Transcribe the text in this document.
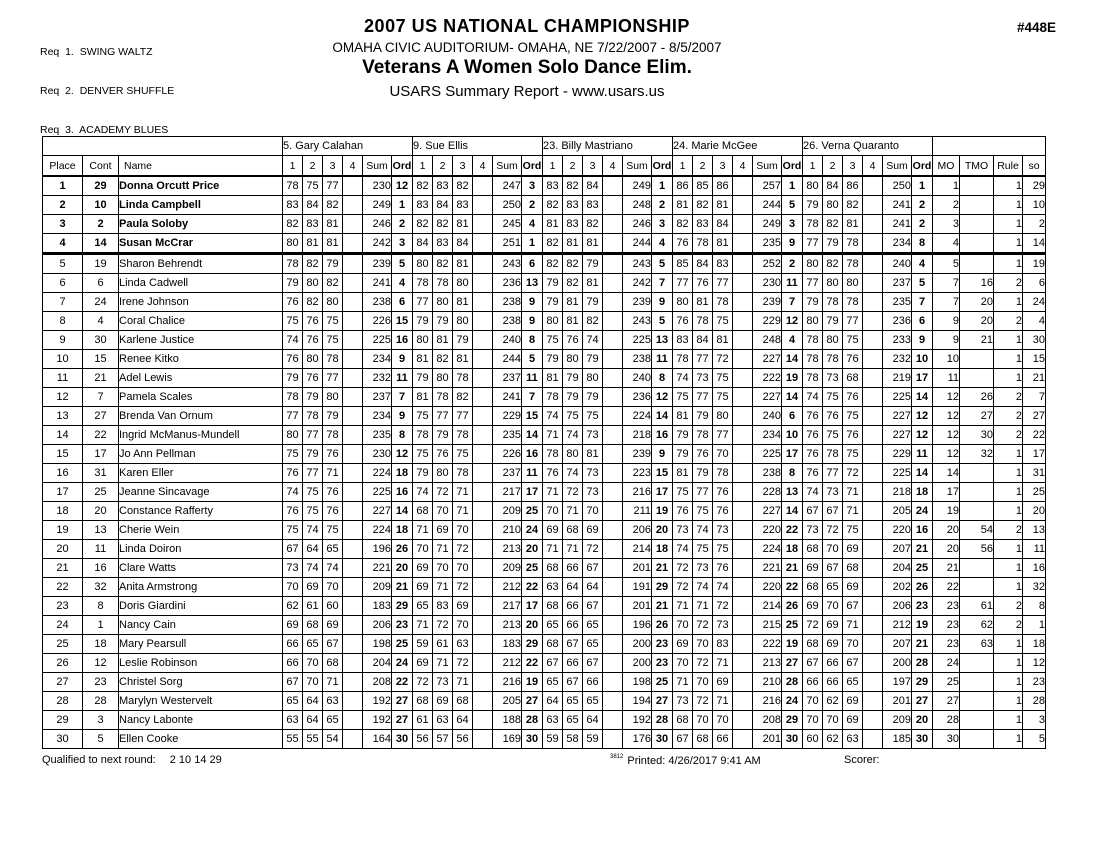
Req  1.  SWING WALTZ

Req  2.  DENVER SHUFFLE

Req  3.  ACADEMY BLUES

2007 US NATIONAL CHAMPIONSHIP
OMAHA CIVIC AUDITORIUM- OMAHA, NE 7/22/2007 - 8/5/2007
Veterans A Women Solo Dance Elim.
USARS Summary Report - www.usars.us
#448E
			5. Gary Calahan						9. Sue Ellis						23. Billy Mastriano						24. Marie McGee						26. Verna Quaranto									
Place	Cont	Name	1	2	3	4	Sum	Ord	1	2	3	4	Sum	Ord	1	2	3	4	Sum	Ord	1	2	3	4	Sum	Ord	1	2	3	4	Sum	Ord	MO	TMO	Rule	so
1	29	Donna Orcutt Price	78	75	77		230	12	82	83	82		247	3	83	82	84		249	1	86	85	86		257	1	80	84	86		250	1	1		1	29
2	10	Linda Campbell	83	84	82		249	1	83	84	83		250	2	82	83	83		248	2	81	82	81		244	5	79	80	82		241	2	2		1	10
3	2	Paula Soloby	82	83	81		246	2	82	82	81		245	4	81	83	82		246	3	82	83	84		249	3	78	82	81		241	2	3		1	2
4	14	Susan McCrar	80	81	81		242	3	84	83	84		251	1	82	81	81		244	4	76	78	81		235	9	77	79	78		234	8	4		1	14
5	19	Sharon Behrendt	78	82	79		239	5	80	82	81		243	6	82	82	79		243	5	85	84	83		252	2	80	82	78		240	4	5		1	19
6	6	Linda Cadwell	79	80	82		241	4	78	78	80		236	13	79	82	81		242	7	77	76	77		230	11	77	80	80		237	5	7	16	2	6
7	24	Irene Johnson	76	82	80		238	6	77	80	81		238	9	79	81	79		239	9	80	81	78		239	7	79	78	78		235	7	7	20	1	24
8	4	Coral Chalice	75	76	75		226	15	79	79	80		238	9	80	81	82		243	5	76	78	75		229	12	80	79	77		236	6	9	20	2	4
9	30	Karlene Justice	74	76	75		225	16	80	81	79		240	8	75	76	74		225	13	83	84	81		248	4	78	80	75		233	9	9	21	1	30
10	15	Renee Kitko	76	80	78		234	9	81	82	81		244	5	79	80	79		238	11	78	77	72		227	14	78	78	76		232	10	10		1	15
11	21	Adel Lewis	79	76	77		232	11	79	80	78		237	11	81	79	80		240	8	74	73	75		222	19	78	73	68		219	17	11		1	21
12	7	Pamela Scales	78	79	80		237	7	81	78	82		241	7	78	79	79		236	12	75	77	75		227	14	74	75	76		225	14	12	26	2	7
13	27	Brenda Van Ornum	77	78	79		234	9	75	77	77		229	15	74	75	75		224	14	81	79	80		240	6	76	76	75		227	12	12	27	2	27
14	22	Ingrid McManus-Mundell	80	77	78		235	8	78	79	78		235	14	71	74	73		218	16	79	78	77		234	10	76	75	76		227	12	12	30	2	22
15	17	Jo Ann Pellman	75	79	76		230	12	75	76	75		226	16	78	80	81		239	9	79	76	70		225	17	76	78	75		229	11	12	32	1	17
16	31	Karen Eller	76	77	71		224	18	79	80	78		237	11	76	74	73		223	15	81	79	78		238	8	76	77	72		225	14	14		1	31
17	25	Jeanne Sincavage	74	75	76		225	16	74	72	71		217	17	71	72	73		216	17	75	77	76		228	13	74	73	71		218	18	17		1	25
18	20	Constance Rafferty	76	75	76		227	14	68	70	71		209	25	70	71	70		211	19	76	75	76		227	14	67	67	71		205	24	19		1	20
19	13	Cherie Wein	75	74	75		224	18	71	69	70		210	24	69	68	69		206	20	73	74	73		220	22	73	72	75		220	16	20	54	2	13
20	11	Linda Doiron	67	64	65		196	26	70	71	72		213	20	71	71	72		214	18	74	75	75		224	18	68	70	69		207	21	20	56	1	11
21	16	Clare Watts	73	74	74		221	20	69	70	70		209	25	68	66	67		201	21	72	73	76		221	21	69	67	68		204	25	21		1	16
22	32	Anita Armstrong	70	69	70		209	21	69	71	72		212	22	63	64	64		191	29	72	74	74		220	22	68	65	69		202	26	22		1	32
23	8	Doris Giardini	62	61	60		183	29	65	83	69		217	17	68	66	67		201	21	71	71	72		214	26	69	70	67		206	23	23	61	2	8
24	1	Nancy Cain	69	68	69		206	23	71	72	70		213	20	65	66	65		196	26	70	72	73		215	25	72	69	71		212	19	23	62	2	1
25	18	Mary Pearsull	66	65	67		198	25	59	61	63		183	29	68	67	65		200	23	69	70	83		222	19	68	69	70		207	21	23	63	1	18
26	12	Leslie Robinson	66	70	68		204	24	69	71	72		212	22	67	66	67		200	23	70	72	71		213	27	67	66	67		200	28	24		1	12
27	23	Christel Sorg	67	70	71		208	22	72	73	71		216	19	65	67	66		198	25	71	70	69		210	28	66	66	65		197	29	25		1	23
28	28	Marylyn Westervelt	65	64	63		192	27	68	69	68		205	27	64	65	65		194	27	73	72	71		216	24	70	62	69		201	27	27		1	28
29	3	Nancy Labonte	63	64	65		192	27	61	63	64		188	28	63	65	64		192	28	68	70	70		208	29	70	70	69		209	20	28		1	3
30	5	Ellen Cooke	55	55	54		164	30	56	57	56		169	30	59	58	59		176	30	67	68	66		201	30	60	62	63		185	30	30		1	5
Qualified to next round: 2 10 14 29	$^{3812}$ Printed: 4/26/2017 9:41 AM	Scorer:
